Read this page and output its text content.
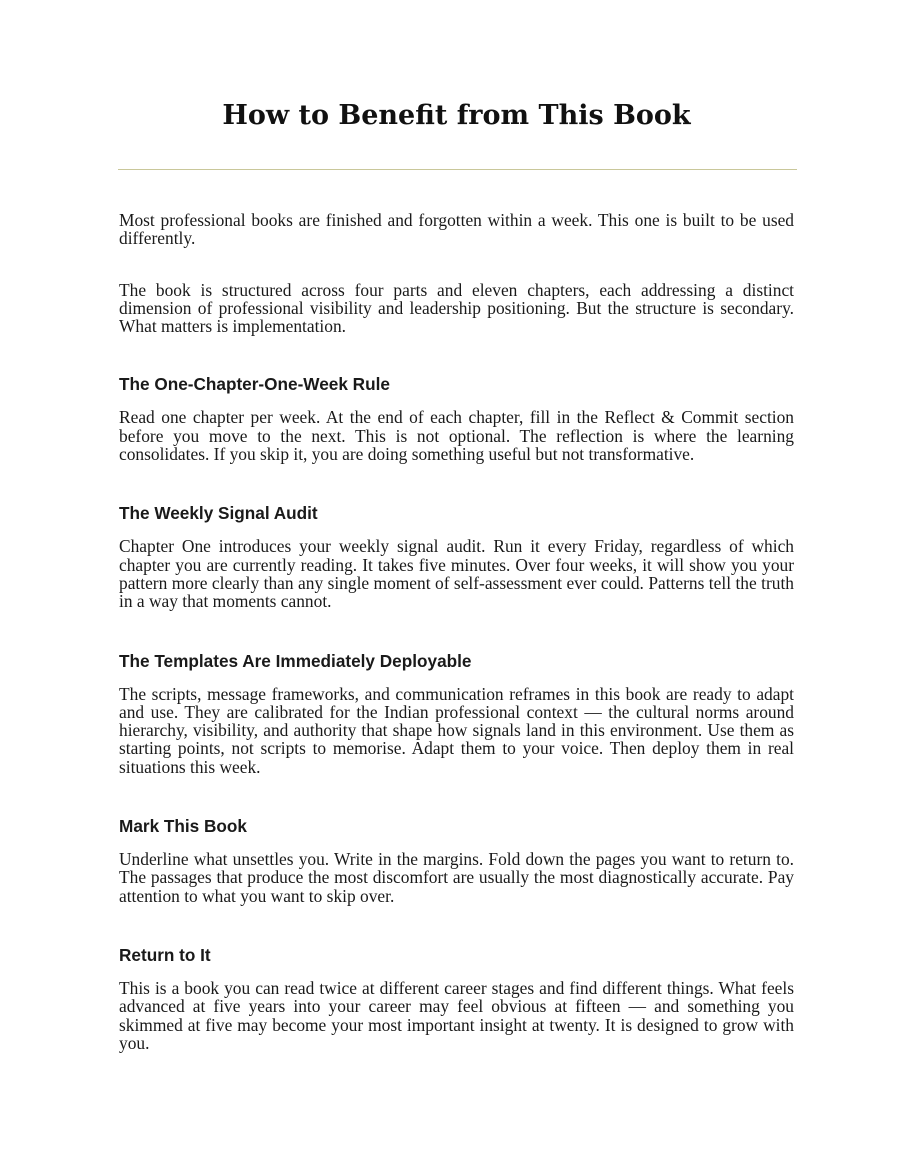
How to Benefit from This Book

Most professional books are finished and forgotten within a week. This one is built to be used differently.

The book is structured across four parts and eleven chapters, each addressing a distinct dimension of professional visibility and leadership positioning. But the structure is secondary. What matters is implementation.

The One-Chapter-One-Week Rule

Read one chapter per week. At the end of each chapter, fill in the Reflect & Commit section before you move to the next. This is not optional. The reflection is where the learning consolidates. If you skip it, you are doing something useful but not transformative.

The Weekly Signal Audit

Chapter One introduces your weekly signal audit. Run it every Friday, regardless of which chapter you are currently reading. It takes five minutes. Over four weeks, it will show you your pattern more clearly than any single moment of self-assessment ever could. Patterns tell the truth in a way that moments cannot.

The Templates Are Immediately Deployable

The scripts, message frameworks, and communication reframes in this book are ready to adapt and use. They are calibrated for the Indian professional context — the cultural norms around hierarchy, visibility, and authority that shape how signals land in this environment. Use them as starting points, not scripts to memorise. Adapt them to your voice. Then deploy them in real situations this week.

Mark This Book

Underline what unsettles you. Write in the margins. Fold down the pages you want to return to. The passages that produce the most discomfort are usually the most diagnostically accurate. Pay attention to what you want to skip over.

Return to It

This is a book you can read twice at different career stages and find different things. What feels advanced at five years into your career may feel obvious at fifteen — and something you skimmed at five may become your most important insight at twenty. It is designed to grow with you.
